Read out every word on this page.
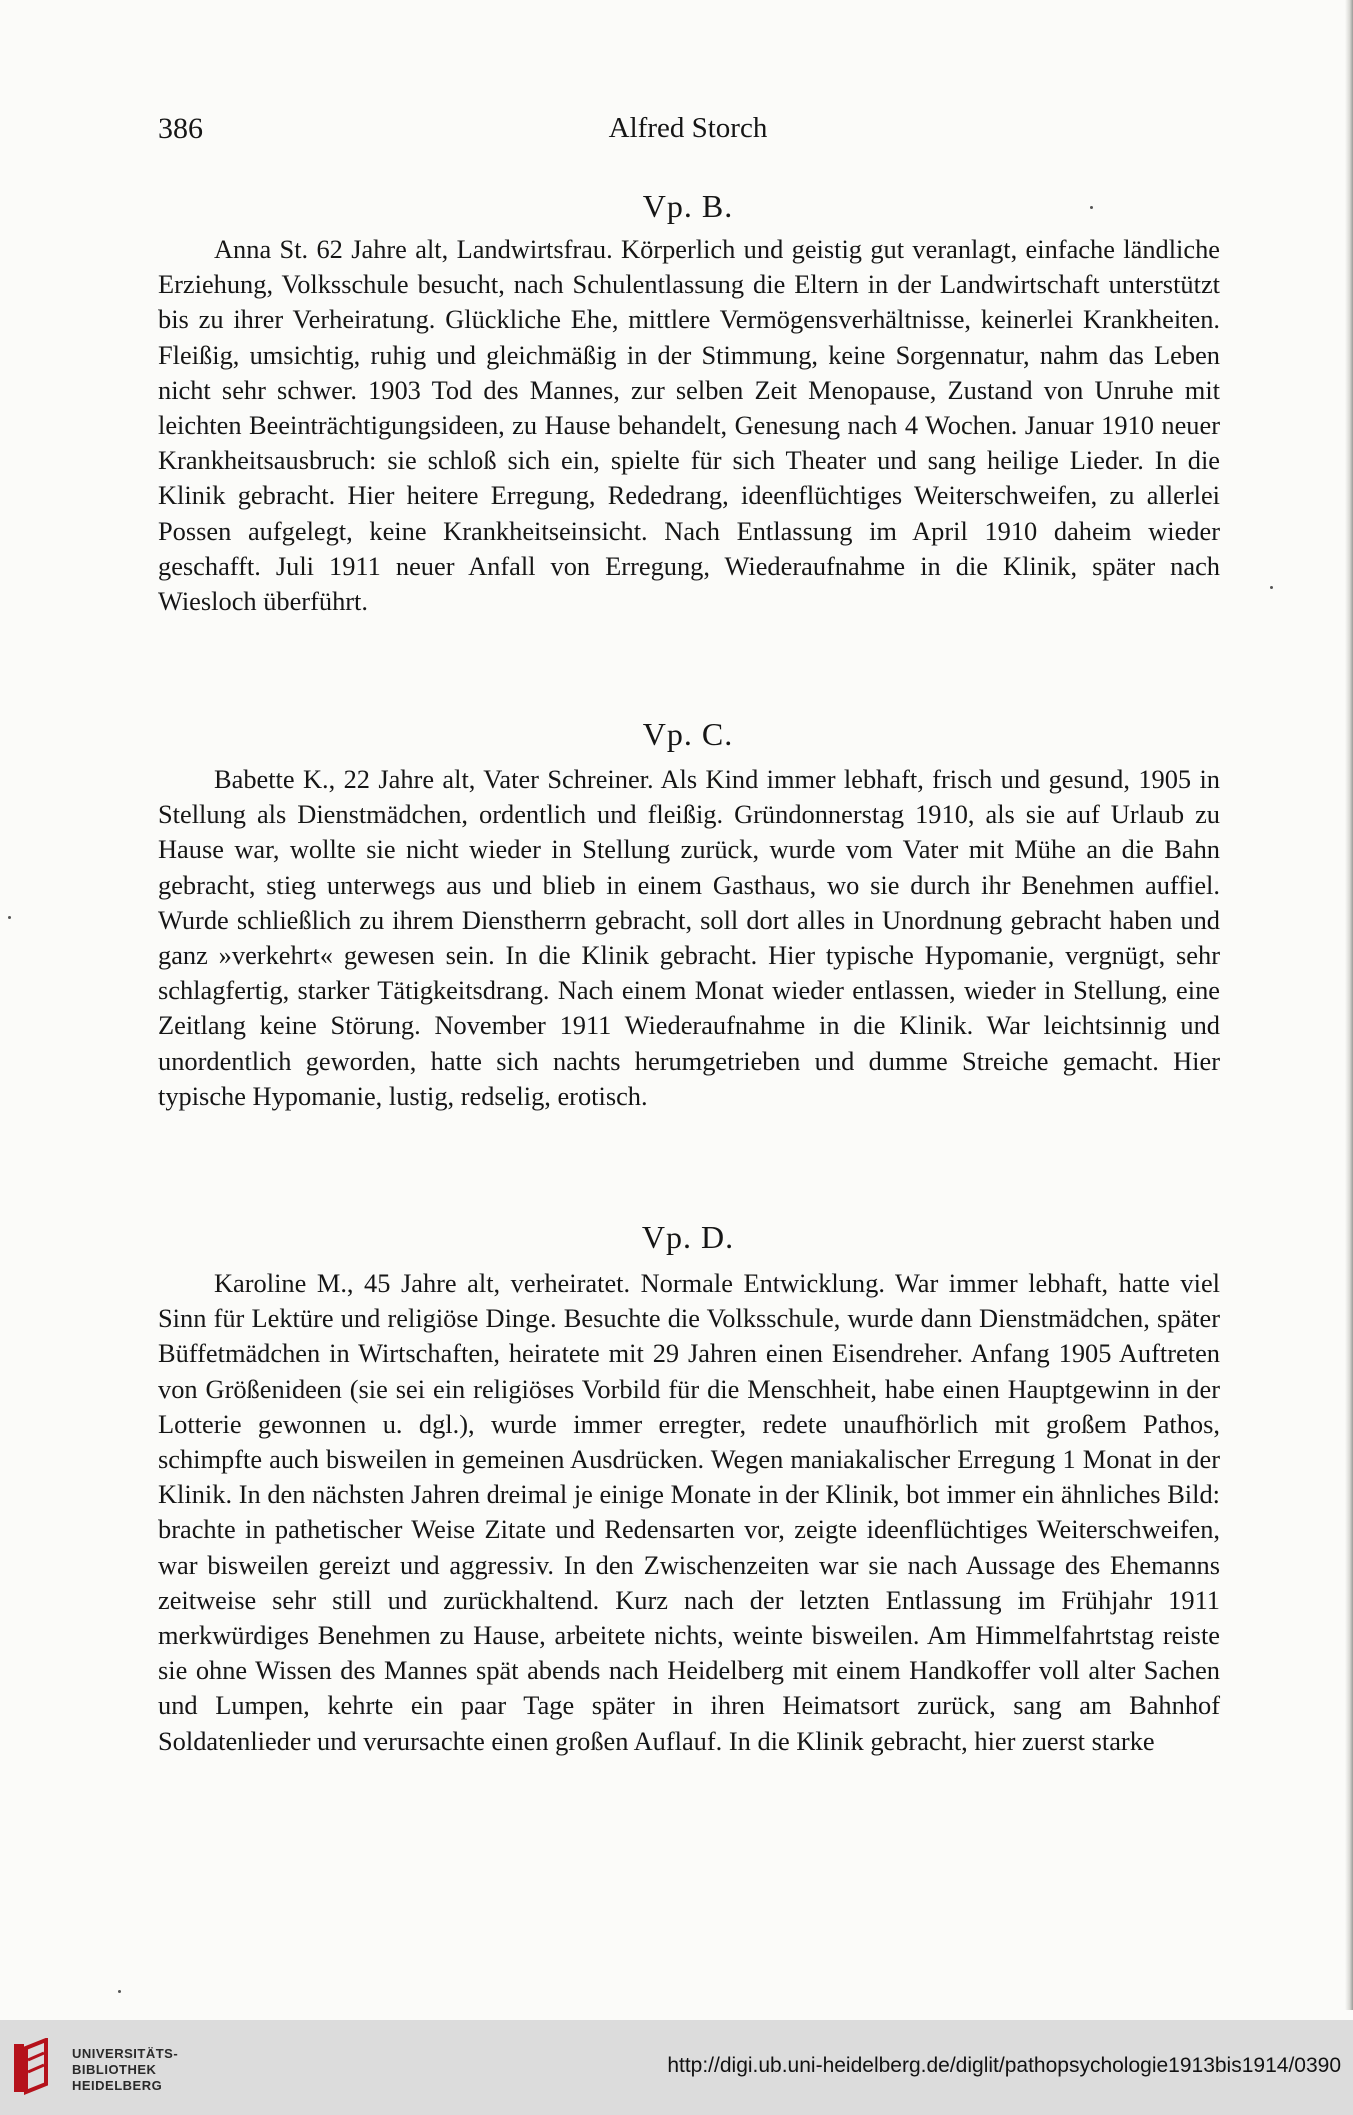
386	Alfred Storch
Vp. B.
Anna St. 62 Jahre alt, Landwirtsfrau. Körperlich und geistig gut veranlagt, einfache ländliche Erziehung, Volksschule besucht, nach Schulentlassung die Eltern in der Landwirtschaft unterstützt bis zu ihrer Verheiratung. Glückliche Ehe, mittlere Vermögensverhältnisse, keinerlei Krankheiten. Fleißig, umsichtig, ruhig und gleichmäßig in der Stimmung, keine Sorgennatur, nahm das Leben nicht sehr schwer. 1903 Tod des Mannes, zur selben Zeit Menopause, Zustand von Unruhe mit leichten Beeinträchtigungsideen, zu Hause behandelt, Genesung nach 4 Wochen. Januar 1910 neuer Krankheitsausbruch: sie schloß sich ein, spielte für sich Theater und sang heilige Lieder. In die Klinik gebracht. Hier heitere Erregung, Rededrang, ideenflüchtiges Weiterschweifen, zu allerlei Possen aufgelegt, keine Krankheitseinsicht. Nach Entlassung im April 1910 daheim wieder geschafft. Juli 1911 neuer Anfall von Erregung, Wiederaufnahme in die Klinik, später nach Wiesloch überführt.
Vp. C.
Babette K., 22 Jahre alt, Vater Schreiner. Als Kind immer lebhaft, frisch und gesund, 1905 in Stellung als Dienstmädchen, ordentlich und fleißig. Gründonnerstag 1910, als sie auf Urlaub zu Hause war, wollte sie nicht wieder in Stellung zurück, wurde vom Vater mit Mühe an die Bahn gebracht, stieg unterwegs aus und blieb in einem Gasthaus, wo sie durch ihr Benehmen auffiel. Wurde schließlich zu ihrem Dienstherrn gebracht, soll dort alles in Unordnung gebracht haben und ganz »verkehrt« gewesen sein. In die Klinik gebracht. Hier typische Hypomanie, vergnügt, sehr schlagfertig, starker Tätigkeitsdrang. Nach einem Monat wieder entlassen, wieder in Stellung, eine Zeitlang keine Störung. November 1911 Wiederaufnahme in die Klinik. War leichtsinnig und unordentlich geworden, hatte sich nachts herumgetrieben und dumme Streiche gemacht. Hier typische Hypomanie, lustig, redselig, erotisch.
Vp. D.
Karoline M., 45 Jahre alt, verheiratet. Normale Entwicklung. War immer lebhaft, hatte viel Sinn für Lektüre und religiöse Dinge. Besuchte die Volksschule, wurde dann Dienstmädchen, später Büffetmädchen in Wirtschaften, heiratete mit 29 Jahren einen Eisendreher. Anfang 1905 Auftreten von Größenideen (sie sei ein religiöses Vorbild für die Menschheit, habe einen Hauptgewinn in der Lotterie gewonnen u. dgl.), wurde immer erregter, redete unaufhörlich mit großem Pathos, schimpfte auch bisweilen in gemeinen Ausdrücken. Wegen maniakalischer Erregung 1 Monat in der Klinik. In den nächsten Jahren dreimal je einige Monate in der Klinik, bot immer ein ähnliches Bild: brachte in pathetischer Weise Zitate und Redensarten vor, zeigte ideenflüchtiges Weiterschweifen, war bisweilen gereizt und aggressiv. In den Zwischenzeiten war sie nach Aussage des Ehemanns zeitweise sehr still und zurückhaltend. Kurz nach der letzten Entlassung im Frühjahr 1911 merkwürdiges Benehmen zu Hause, arbeitete nichts, weinte bisweilen. Am Himmelfahrtstag reiste sie ohne Wissen des Mannes spät abends nach Heidelberg mit einem Handkoffer voll alter Sachen und Lumpen, kehrte ein paar Tage später in ihren Heimatsort zurück, sang am Bahnhof Soldatenlieder und verursachte einen großen Auflauf. In die Klinik gebracht, hier zuerst starke
UNIVERSITÄTS-
BIBLIOTHEK
HEIDELBERG
http://digi.ub.uni-heidelberg.de/diglit/pathopsychologie1913bis1914/0390
